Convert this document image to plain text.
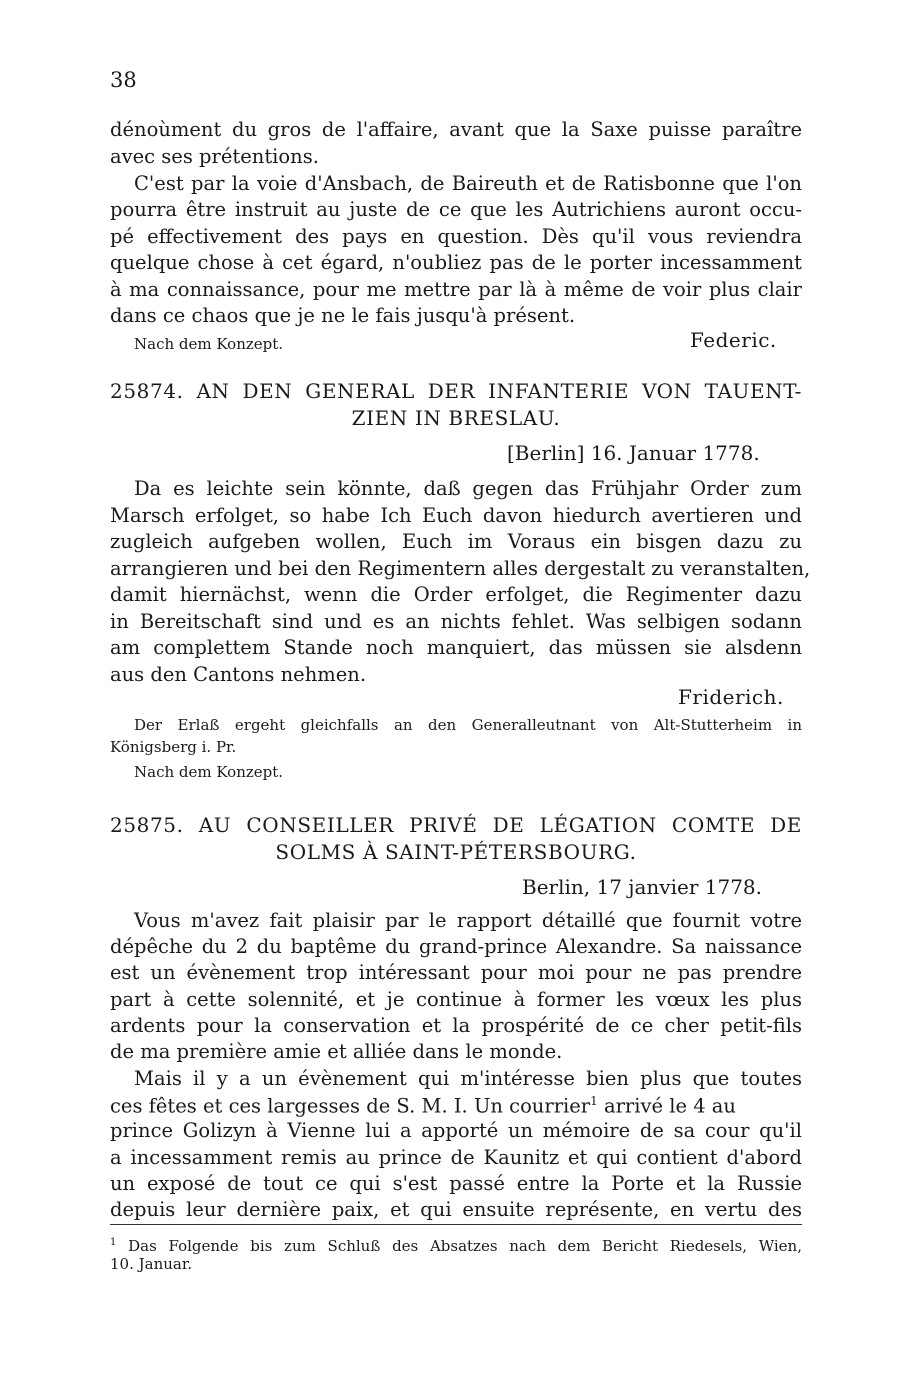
38
dénoùment du gros de l'affaire, avant que la Saxe puisse paraître
avec ses prétentions.
C'est par la voie d'Ansbach, de Baireuth et de Ratisbonne que l'on
pourra être instruit au juste de ce que les Autrichiens auront occu-
pé effectivement des pays en question. Dès qu'il vous reviendra
quelque chose à cet égard, n'oubliez pas de le porter incessamment
à ma connaissance, pour me mettre par là à même de voir plus clair
dans ce chaos que je ne le fais jusqu'à présent.
Nach dem Konzept.	Federic.
25874. AN DEN GENERAL DER INFANTERIE VON TAUENT-
ZIEN IN BRESLAU.
[Berlin] 16. Januar 1778.
Da es leichte sein könnte, daß gegen das Frühjahr Order zum
Marsch erfolget, so habe Ich Euch davon hiedurch avertieren und
zugleich aufgeben wollen, Euch im Voraus ein bisgen dazu zu
arrangieren und bei den Regimentern alles dergestalt zu veranstalten,
damit hiernächst, wenn die Order erfolget, die Regimenter dazu
in Bereitschaft sind und es an nichts fehlet. Was selbigen sodann
am complettem Stande noch manquiert, das müssen sie alsdenn
aus den Cantons nehmen.
Friderich.
Der Erlaß ergeht gleichfalls an den Generalleutnant von Alt-Stutterheim in
Königsberg i. Pr.
Nach dem Konzept.
25875. AU CONSEILLER PRIVÉ DE LÉGATION COMTE DE
SOLMS À SAINT-PÉTERSBOURG.
Berlin, 17 janvier 1778.
Vous m'avez fait plaisir par le rapport détaillé que fournit votre
dépêche du 2 du baptême du grand-prince Alexandre. Sa naissance
est un évènement trop intéressant pour moi pour ne pas prendre
part à cette solennité, et je continue à former les vœux les plus
ardents pour la conservation et la prospérité de ce cher petit-fils
de ma première amie et alliée dans le monde.
Mais il y a un évènement qui m'intéresse bien plus que toutes
ces fêtes et ces largesses de S. M. I. Un courrier$^1$ arrivé le 4 au
prince Golizyn à Vienne lui a apporté un mémoire de sa cour qu'il
a incessamment remis au prince de Kaunitz et qui contient d'abord
un exposé de tout ce qui s'est passé entre la Porte et la Russie
depuis leur dernière paix, et qui ensuite représente, en vertu des
$^1$ Das Folgende bis zum Schluß des Absatzes nach dem Bericht Riedesels, Wien,
10. Januar.
